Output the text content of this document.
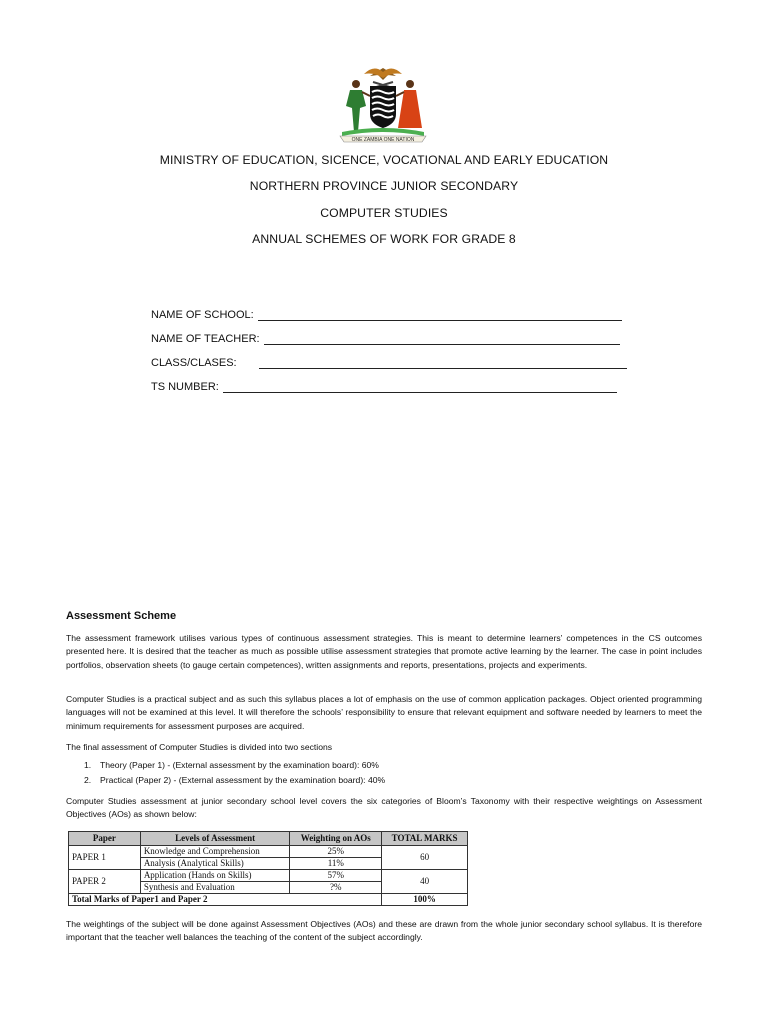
ONE ZAMBIA ONE NATION
MINISTRY OF EDUCATION, SICENCE, VOCATIONAL AND EARLY EDUCATION
NORTHERN PROVINCE JUNIOR SECONDARY
COMPUTER STUDIES
ANNUAL SCHEMES OF WORK FOR GRADE 8
NAME OF SCHOOL:
NAME OF TEACHER:
CLASS/CLASES:
TS NUMBER:
Assessment Scheme
The assessment framework utilises various types of continuous assessment strategies. This is meant to determine learners’ competences in the CS outcomes presented here. It is desired that the teacher as much as possible utilise assessment strategies that promote active learning by the learner. The case in point includes portfolios, observation sheets (to gauge certain competences), written assignments and reports, presentations, projects and experiments.
Computer Studies is a practical subject and as such this syllabus places a lot of emphasis on the use of common application packages. Object oriented programming languages will not be examined at this level. It will therefore the schools’ responsibility to ensure that relevant equipment and software needed by learners to meet the minimum requirements for assessment purposes are acquired.
The final assessment of Computer Studies is divided into two sections
1. Theory (Paper 1) - (External assessment by the examination board): 60%
2. Practical (Paper 2) - (External assessment by the examination board): 40%
Computer Studies assessment at junior secondary school level covers the six categories of Bloom’s Taxonomy with their respective weightings on Assessment Objectives (AOs) as shown below:
Paper	Levels of Assessment	Weighting on AOs	TOTAL MARKS
PAPER 1	Knowledge and Comprehension	25%	60
	Analysis (Analytical Skills)	11%	
PAPER 2	Application (Hands on Skills)	57%	40
	Synthesis and Evaluation	?%	
Total Marks of Paper1 and Paper 2			100%
The weightings of the subject will be done against Assessment Objectives (AOs) and these are drawn from the whole junior secondary school syllabus. It is therefore important that the teacher well balances the teaching of the content of the subject accordingly.
